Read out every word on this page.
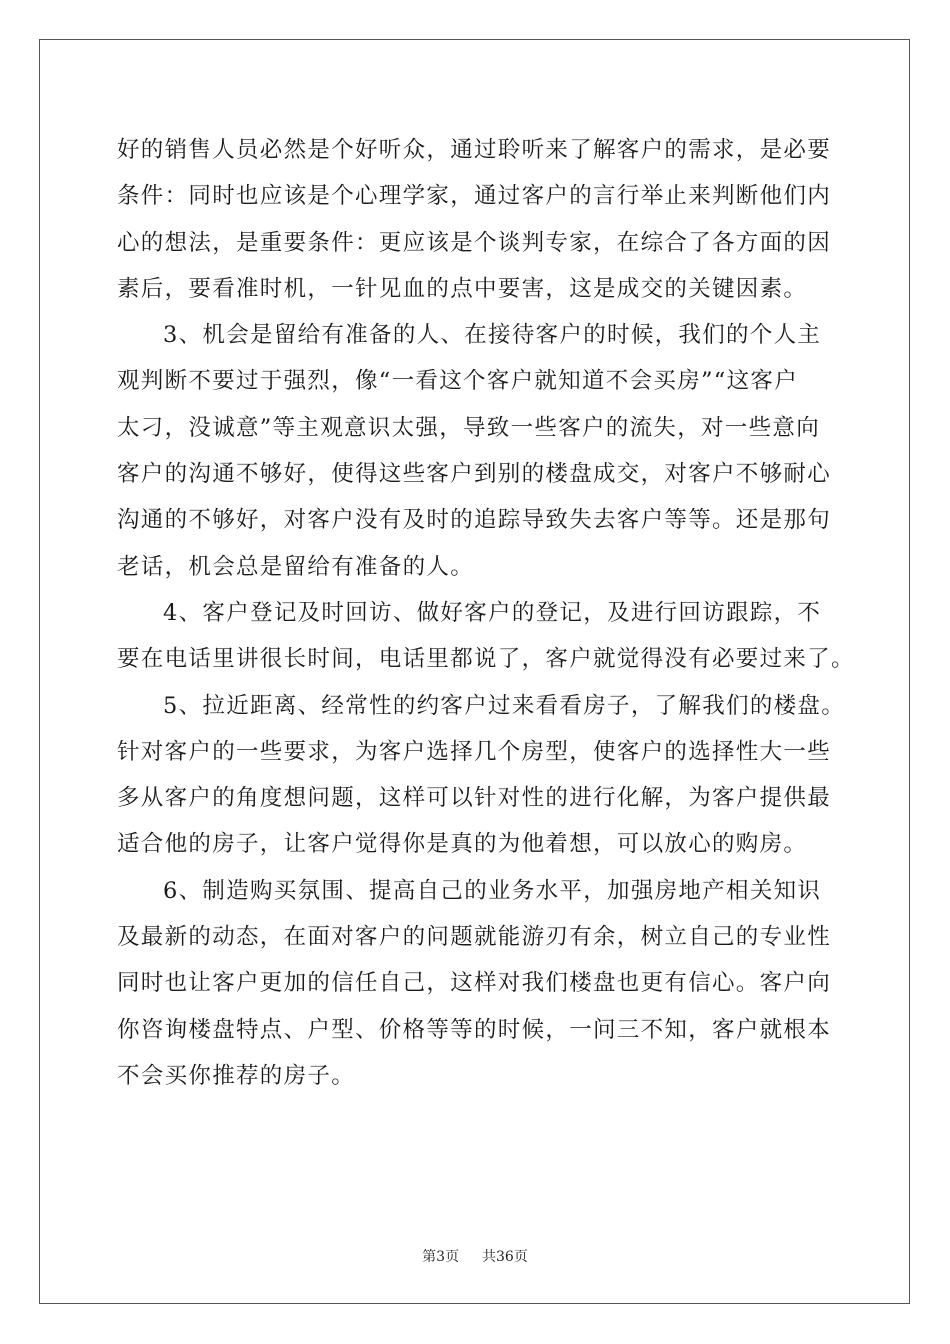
好的销售人员必然是个好听众，通过聆听来了解客户的需求，是必要
条件：同时也应该是个心理学家，通过客户的言行举止来判断他们内
心的想法，是重要条件：更应该是个谈判专家，在综合了各方面的因
素后，要看准时机，一针见血的点中要害，这是成交的关键因素。
3、机会是留给有准备的人、在接待客户的时候，我们的个人主
观判断不要过于强烈，像“一看这个客户就知道不会买房”“这客户
太刁，没诚意”等主观意识太强，导致一些客户的流失，对一些意向
客户的沟通不够好，使得这些客户到别的楼盘成交，对客户不够耐心
沟通的不够好，对客户没有及时的追踪导致失去客户等等。还是那句
老话，机会总是留给有准备的人。
4、客户登记及时回访、做好客户的登记，及进行回访跟踪，不
要在电话里讲很长时间，电话里都说了，客户就觉得没有必要过来了。
5、拉近距离、经常性的约客户过来看看房子，了解我们的楼盘。
针对客户的一些要求，为客户选择几个房型，使客户的选择性大一些
多从客户的角度想问题，这样可以针对性的进行化解，为客户提供最
适合他的房子，让客户觉得你是真的为他着想，可以放心的购房。
6、制造购买氛围、提高自己的业务水平，加强房地产相关知识
及最新的动态，在面对客户的问题就能游刃有余，树立自己的专业性
同时也让客户更加的信任自己，这样对我们楼盘也更有信心。客户向
你咨询楼盘特点、户型、价格等等的时候，一问三不知，客户就根本
不会买你推荐的房子。
第3页 共36页
